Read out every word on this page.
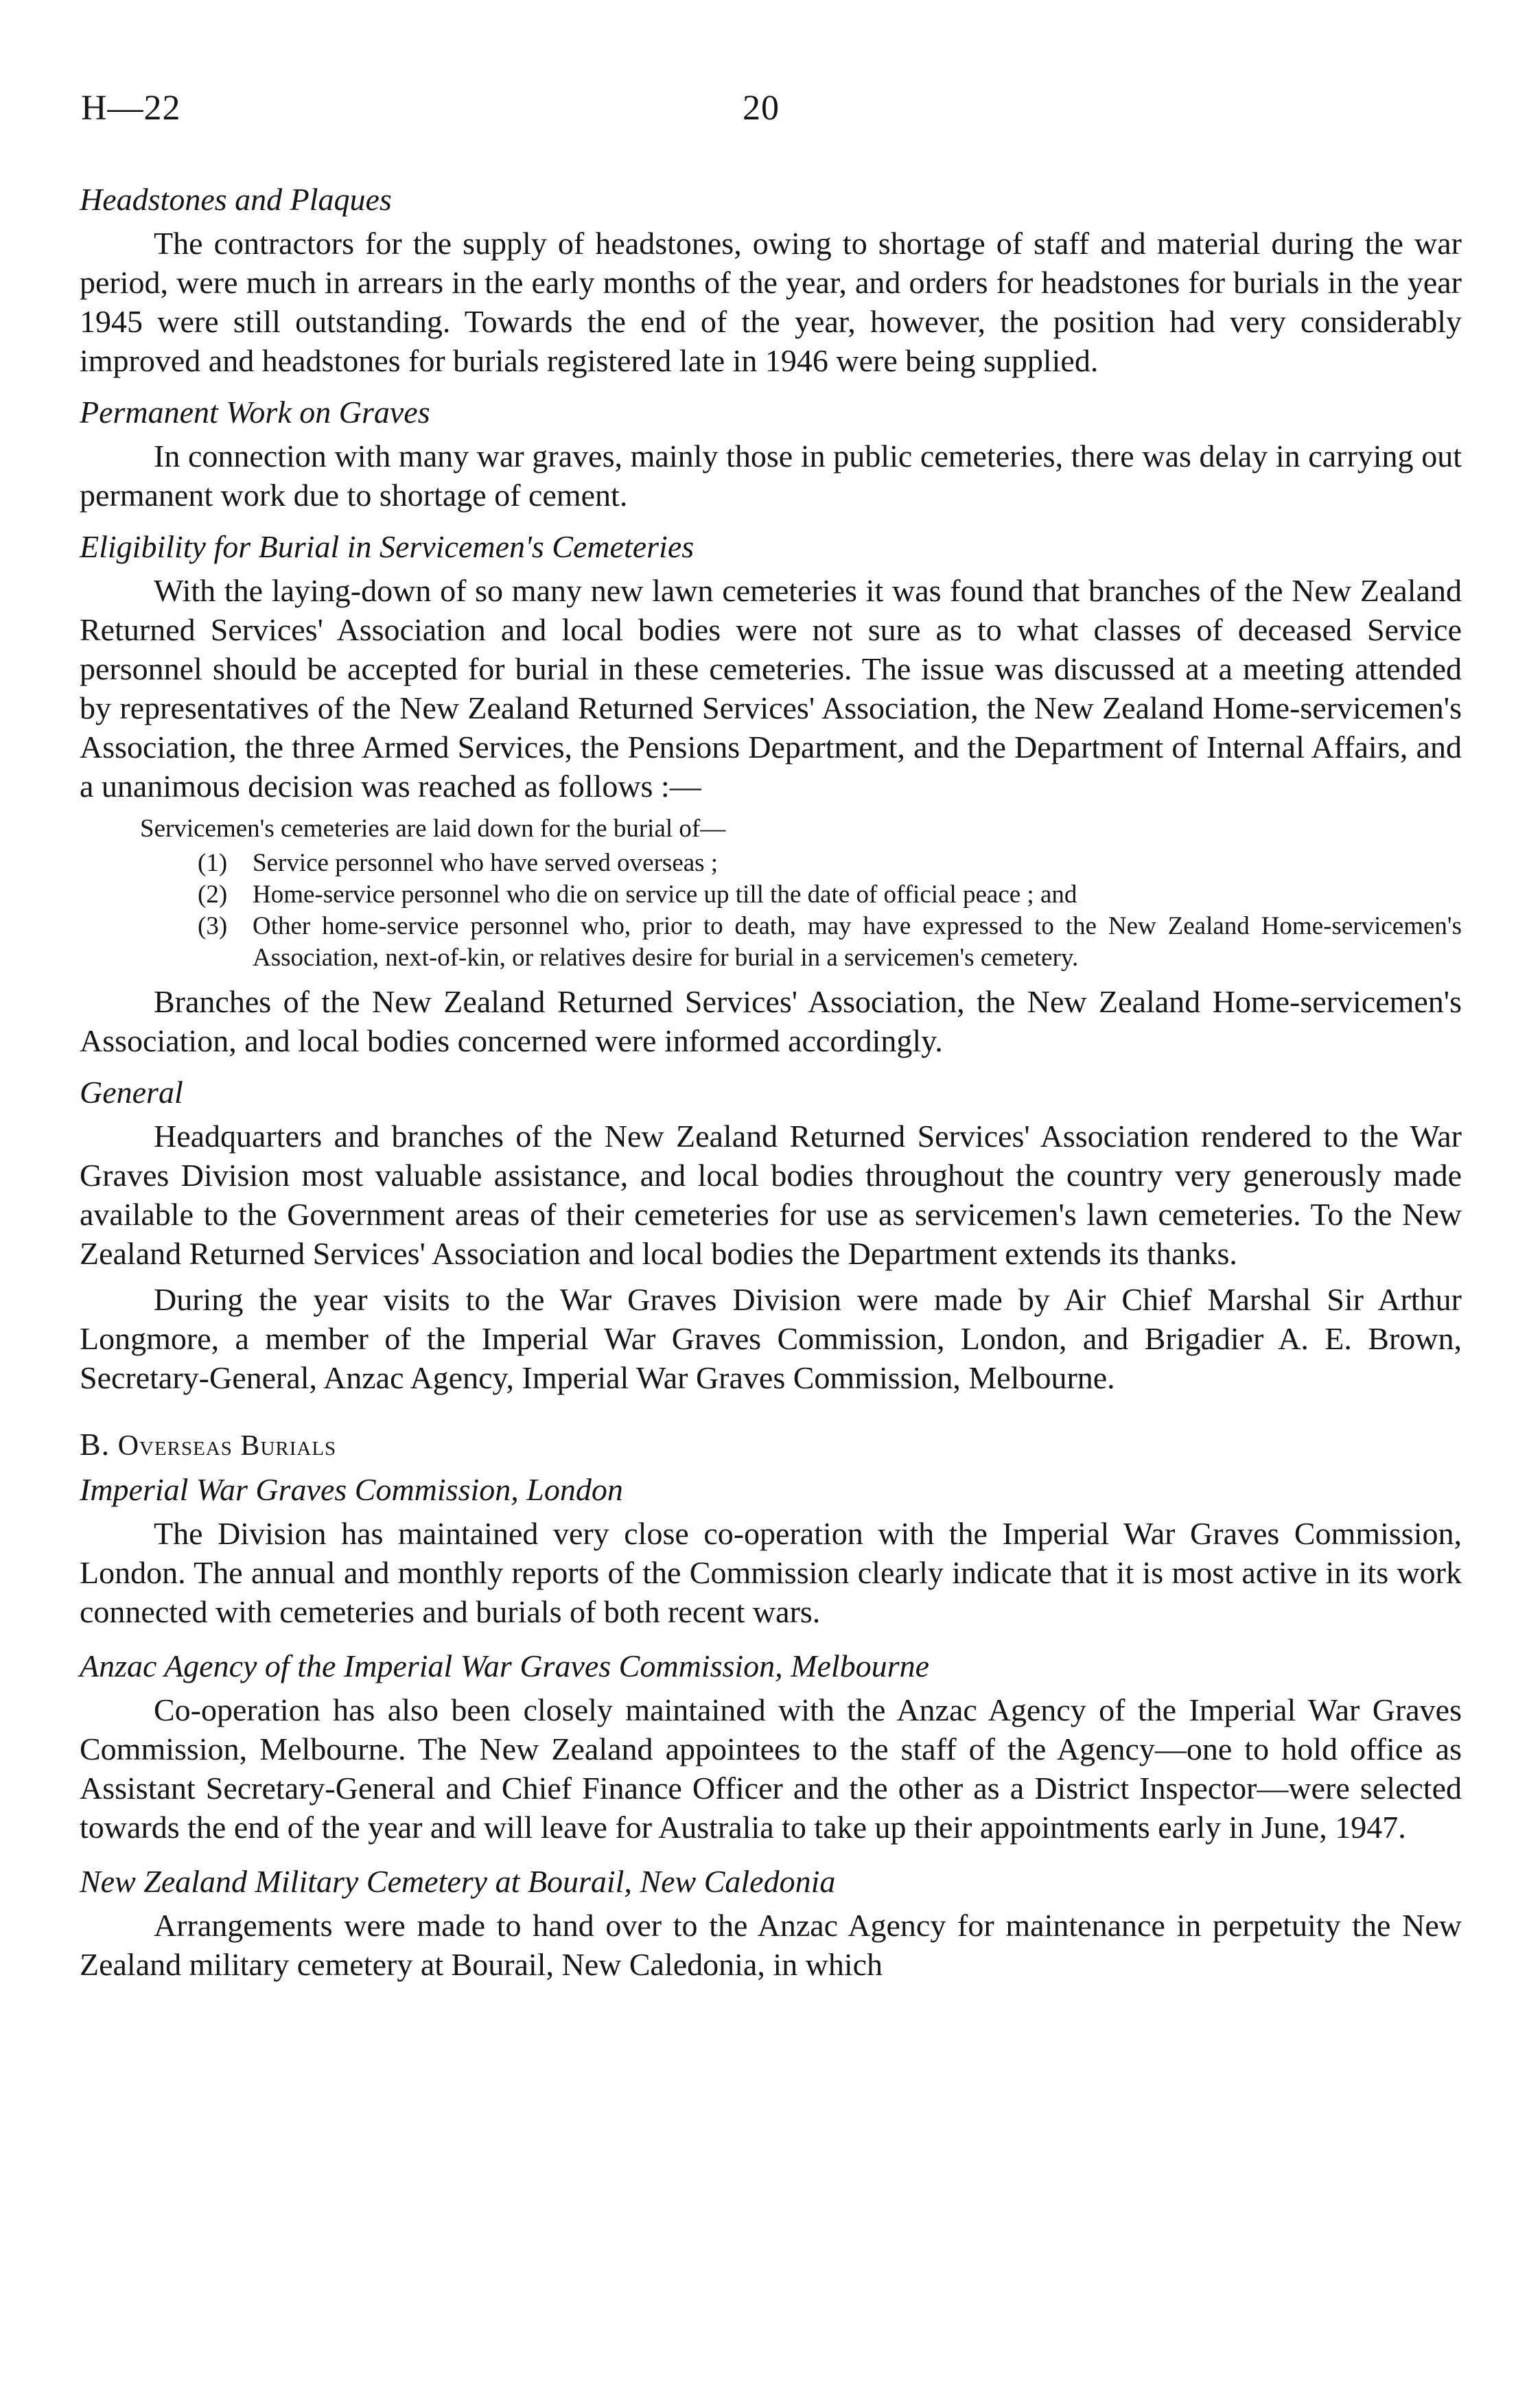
H—22	20
Headstones and Plaques
The contractors for the supply of headstones, owing to shortage of staff and material during the war period, were much in arrears in the early months of the year, and orders for headstones for burials in the year 1945 were still outstanding. Towards the end of the year, however, the position had very considerably improved and headstones for burials registered late in 1946 were being supplied.
Permanent Work on Graves
In connection with many war graves, mainly those in public cemeteries, there was delay in carrying out permanent work due to shortage of cement.
Eligibility for Burial in Servicemen's Cemeteries
With the laying-down of so many new lawn cemeteries it was found that branches of the New Zealand Returned Services' Association and local bodies were not sure as to what classes of deceased Service personnel should be accepted for burial in these cemeteries. The issue was discussed at a meeting attended by representatives of the New Zealand Returned Services' Association, the New Zealand Home-servicemen's Association, the three Armed Services, the Pensions Department, and the Department of Internal Affairs, and a unanimous decision was reached as follows :—
Servicemen's cemeteries are laid down for the burial of—
(1) Service personnel who have served overseas ;
(2) Home-service personnel who die on service up till the date of official peace ; and
(3) Other home-service personnel who, prior to death, may have expressed to the New Zealand Home-servicemen's Association, next-of-kin, or relatives desire for burial in a servicemen's cemetery.
Branches of the New Zealand Returned Services' Association, the New Zealand Home-servicemen's Association, and local bodies concerned were informed accordingly.
General
Headquarters and branches of the New Zealand Returned Services' Association rendered to the War Graves Division most valuable assistance, and local bodies throughout the country very generously made available to the Government areas of their cemeteries for use as servicemen's lawn cemeteries. To the New Zealand Returned Services' Association and local bodies the Department extends its thanks.
During the year visits to the War Graves Division were made by Air Chief Marshal Sir Arthur Longmore, a member of the Imperial War Graves Commission, London, and Brigadier A. E. Brown, Secretary-General, Anzac Agency, Imperial War Graves Commission, Melbourne.
B. Overseas Burials
Imperial War Graves Commission, London
The Division has maintained very close co-operation with the Imperial War Graves Commission, London. The annual and monthly reports of the Commission clearly indicate that it is most active in its work connected with cemeteries and burials of both recent wars.
Anzac Agency of the Imperial War Graves Commission, Melbourne
Co-operation has also been closely maintained with the Anzac Agency of the Imperial War Graves Commission, Melbourne. The New Zealand appointees to the staff of the Agency—one to hold office as Assistant Secretary-General and Chief Finance Officer and the other as a District Inspector—were selected towards the end of the year and will leave for Australia to take up their appointments early in June, 1947.
New Zealand Military Cemetery at Bourail, New Caledonia
Arrangements were made to hand over to the Anzac Agency for maintenance in perpetuity the New Zealand military cemetery at Bourail, New Caledonia, in which
